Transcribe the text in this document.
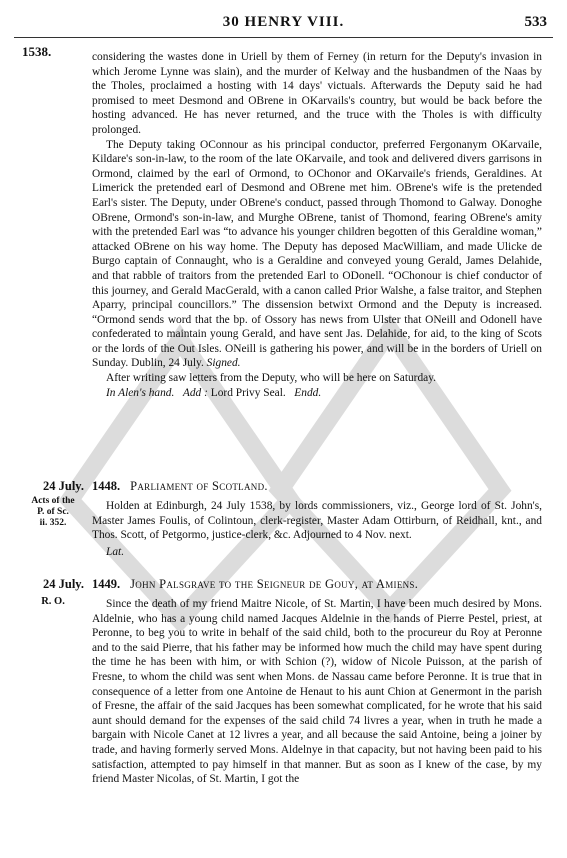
30 HENRY VIII.	533
1538.	considering the wastes done in Uriell by them of Ferney (in return for the Deputy's invasion in which Jerome Lynne was slain), and the murder of Kelway and the husbandmen of the Naas by the Tholes, proclaimed a hosting with 14 days' victuals. Afterwards the Deputy said he had promised to meet Desmond and OBrene in OKarvails's country, but would be back before the hosting advanced. He has never returned, and the truce with the Tholes is with difficulty prolonged.

The Deputy taking OConnour as his principal conductor, preferred Fergonanym OKarvaile, Kildare's son-in-law, to the room of the late OKarvaile, and took and delivered divers garrisons in Ormond, claimed by the earl of Ormond, to OChonor and OKarvaile's friends, Geraldines. At Limerick the pretended earl of Desmond and OBrene met him. OBrene's wife is the pretended Earl's sister. The Deputy, under OBrene's conduct, passed through Thomond to Galway. Donoghe OBrene, Ormond's son-in-law, and Murghe OBrene, tanist of Thomond, fearing OBrene's amity with the pretended Earl was “to advance his younger children begotten of this Geraldine woman,” attacked OBrene on his way home. The Deputy has deposed MacWilliam, and made Ulicke de Burgo captain of Connaught, who is a Geraldine and conveyed young Gerald, James Delahide, and that rabble of traitors from the pretended Earl to ODonell. “OChonour is chief conductor of this journey, and Gerald MacGerald, with a canon called Prior Walshe, a false traitor, and Stephen Aparry, principal councillors.” The dissension betwixt Ormond and the Deputy is increased. “Ormond sends word that the bp. of Ossory has news from Ulster that ONeill and Odonell have confederated to maintain young Gerald, and have sent Jas. Delahide, for aid, to the king of Scots or the lords of the Out Isles. ONeill is gathering his power, and will be in the borders of Uriell on Sunday. Dublin, 24 July. Signed.

After writing saw letters from the Deputy, who will be here on Saturday.

In Alen's hand. Add : Lord Privy Seal. Endd.
24 July.
Acts of the
P. of Sc.
ii. 352.
1448. Parliament of Scotland.

Holden at Edinburgh, 24 July 1538, by lords commissioners, viz., George lord of St. John's, Master James Foulis, of Colintoun, clerk-register, Master Adam Ottirburn, of Reidhall, knt., and Thos. Scott, of Petgormo, justice-clerk, &c. Adjourned to 4 Nov. next.

Lat.
24 July.
R. O.
1449. John Palsgrave to the Seigneur de Gouy, at Amiens.

Since the death of my friend Maitre Nicole, of St. Martin, I have been much desired by Mons. Aldelnie, who has a young child named Jacques Aldelnie in the hands of Pierre Pestel, priest, at Peronne, to beg you to write in behalf of the said child, both to the procureur du Roy at Peronne and to the said Pierre, that his father may be informed how much the child may have spent during the time he has been with him, or with Schion (?), widow of Nicole Puisson, at the parish of Fresne, to whom the child was sent when Mons. de Nassau came before Peronne. It is true that in consequence of a letter from one Antoine de Henaut to his aunt Chion at Genermont in the parish of Fresne, the affair of the said Jacques has been somewhat complicated, for he wrote that his said aunt should demand for the expenses of the said child 74 livres a year, when in truth he made a bargain with Nicole Canet at 12 livres a year, and all because the said Antoine, being a joiner by trade, and having formerly served Mons. Aldelnye in that capacity, but not having been paid to his satisfaction, attempted to pay himself in that manner. But as soon as I knew of the case, by my friend Master Nicolas, of St. Martin, I got the
